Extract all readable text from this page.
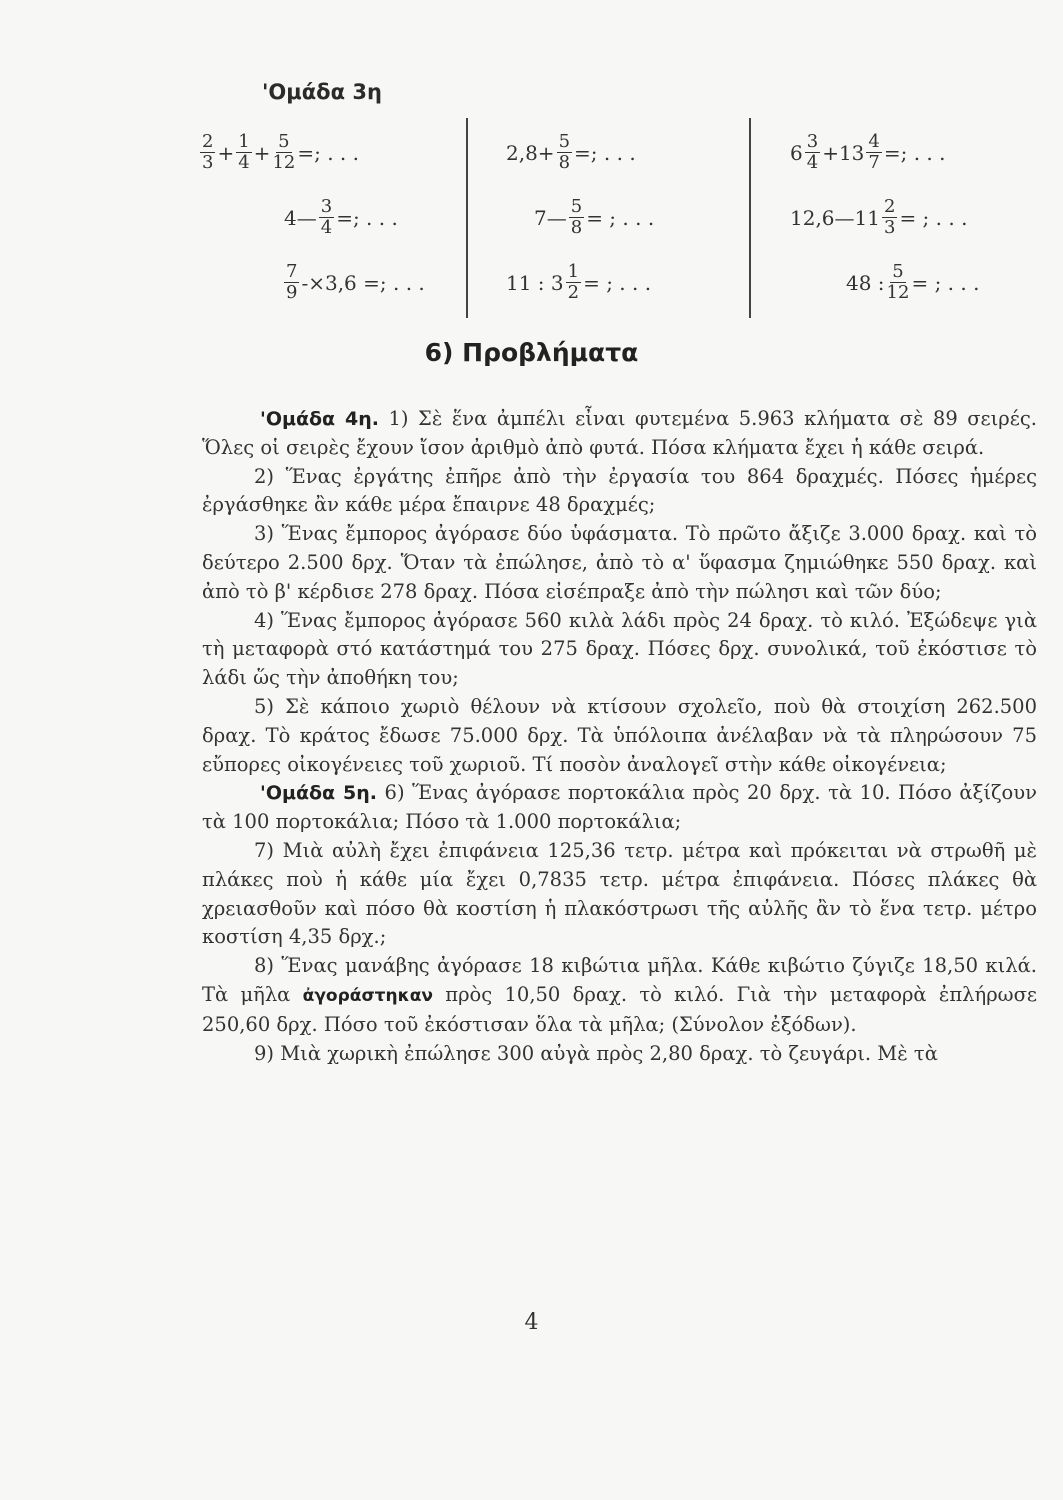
'Ομάδα 3η
$\frac{2}{3} + \frac{1}{4} + \frac{5}{12}$ =; . . .
4— $\frac{3}{4}$ =; . . .
$\frac{7}{9} -\times 3,6$ =; . . .
$2,8+ \frac{5}{8}$ =; . . .
7— $\frac{5}{8}$ = ; . . .
11 : $3 \frac{1}{2}$ = ; . . .
$6 \frac{3}{4} +13 \frac{4}{7}$ =; . . .
12,6—11 $\frac{2}{3}$ = ; . . .
48 : $\frac{5}{12}$ = ; . . .
6) Προβλήματα

'Ομάδα 4η. 1) Σὲ ἕνα ἀμπέλι εἶναι φυτεμένα 5.963 κλήματα σὲ 89 σειρές. Ὅλες οἱ σειρὲς ἔχουν ἴσον ἀριθμὸ ἀπὸ φυτά. Πόσα κλήματα ἔχει ἡ κάθε σειρά.

2) Ἕνας ἐργάτης ἐπῆρε ἀπὸ τὴν ἐργασία του 864 δραχμές. Πόσες ἡμέρες ἐργάσθηκε ἂν κάθε μέρα ἔπαιρνε 48 δραχμές;

3) Ἕνας ἔμπορος ἀγόρασε δύο ὑφάσματα. Τὸ πρῶτο ἄξιζε 3.000 δραχ. καὶ τὸ δεύτερο 2.500 δρχ. Ὅταν τὰ ἐπώλησε, ἀπὸ τὸ α' ὕφασμα ζημιώθηκε 550 δραχ. καὶ ἀπὸ τὸ β' κέρδισε 278 δραχ. Πόσα εἰσέπραξε ἀπὸ τὴν πώλησι καὶ τῶν δύο;

4) Ἕνας ἔμπορος ἀγόρασε 560 κιλὰ λάδι πρὸς 24 δραχ. τὸ κιλό. Ἐξώδεψε γιὰ τὴ μεταφορὰ στό κατάστημά του 275 δραχ. Πόσες δρχ. συνολικά, τοῦ ἐκόστισε τὸ λάδι ὥς τὴν ἀποθήκη του;

5) Σὲ κάποιο χωριὸ θέλουν νὰ κτίσουν σχολεῖο, ποὺ θὰ στοιχίση 262.500 δραχ. Τὸ κράτος ἔδωσε 75.000 δρχ. Τὰ ὑπόλοιπα ἀνέλαβαν νὰ τὰ πληρώσουν 75 εὔπορες οἰκογένειες τοῦ χωριοῦ. Τί ποσὸν ἀναλογεῖ στὴν κάθε οἰκογένεια;

'Ομάδα 5η. 6) Ἕνας ἀγόρασε πορτοκάλια πρὸς 20 δρχ. τὰ 10. Πόσο ἀξίζουν τὰ 100 πορτοκάλια; Πόσο τὰ 1.000 πορτοκάλια;

7) Μιὰ αὐλὴ ἔχει ἐπιφάνεια 125,36 τετρ. μέτρα καὶ πρόκειται νὰ στρωθῆ μὲ πλάκες ποὺ ἡ κάθε μία ἔχει 0,7835 τετρ. μέτρα ἐπιφάνεια. Πόσες πλάκες θὰ χρειασθοῦν καὶ πόσο θὰ κοστίση ἡ πλακόστρωσι τῆς αὐλῆς ἂν τὸ ἕνα τετρ. μέτρο κοστίση 4,35 δρχ.;

8) Ἕνας μανάβης ἀγόρασε 18 κιβώτια μῆλα. Κάθε κιβώτιο ζύγιζε 18,50 κιλά. Τὰ μῆλα ἀγοράστηκαν πρὸς 10,50 δραχ. τὸ κιλό. Γιὰ τὴν μεταφορὰ ἐπλήρωσε 250,60 δρχ. Πόσο τοῦ ἐκόστισαν ὅλα τὰ μῆλα; (Σύνολον ἐξόδων).

9) Μιὰ χωρικὴ ἐπώλησε 300 αὐγὰ πρὸς 2,80 δραχ. τὸ ζευγάρι. Μὲ τὰ

4
